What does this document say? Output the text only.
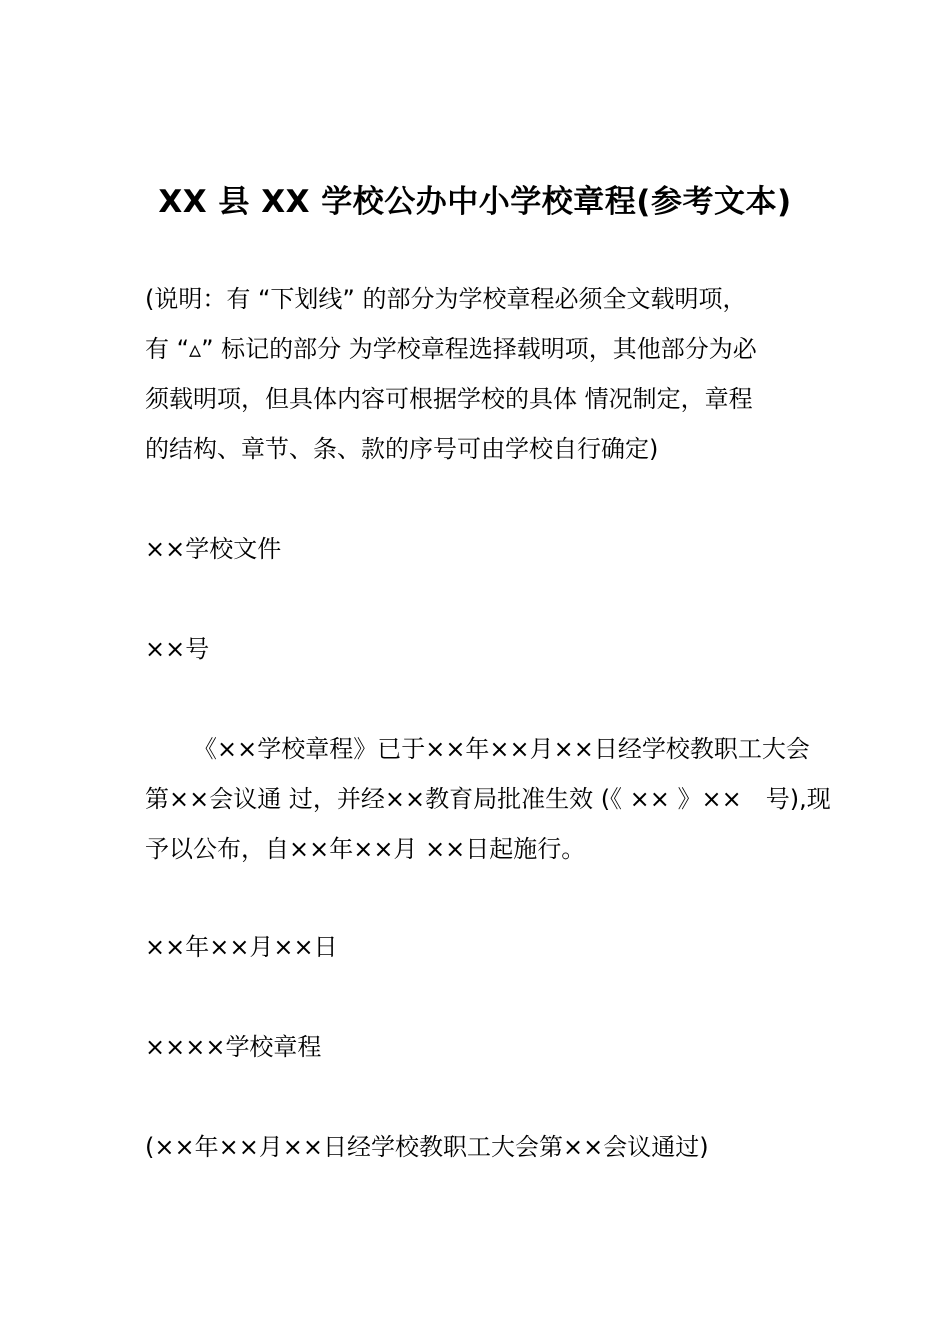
XX 县 XX 学校公办中小学校章程(参考文本)
(说明：有 “下划线” 的部分为学校章程必须全文载明项，
有 “▵” 标记的部分 为学校章程选择载明项，其他部分为必
须载明项，但具体内容可根据学校的具体 情况制定，章程
的结构、章节、条、款的序号可由学校自行确定)
××学校文件
××号
《××学校章程》已于××年××月××日经学校教职工大会
第××会议通 过，并经××教育局批准生效 (《 ×× 》××　号),现
予以公布，自××年××月 ××日起施行。
××年××月××日
××××学校章程
(××年××月××日经学校教职工大会第××会议通过)
